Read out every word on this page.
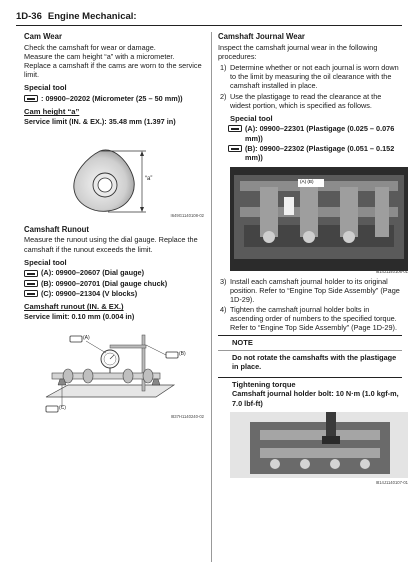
1D-36 Engine Mechanical:
Cam Wear
Check the camshaft for wear or damage.
Measure the cam height “a” with a micrometer.
Replace a camshaft if the cams are worn to the service limit.
Special tool
: 09900–20202 (Micrometer (25 – 50 mm))
Cam height “a”
Service limit (IN. & EX.): 35.48 mm (1.397 in)
“a”
I649G1140108-02
Camshaft Runout
Measure the runout using the dial gauge. Replace the camshaft if the runout exceeds the limit.
Special tool
(A): 09900–20607 (Dial gauge)
(B): 09900–20701 (Dial gauge chuck)
(C): 09900–21304 (V blocks)
Camshaft runout (IN. & EX.)
Service limit: 0.10 mm (0.004 in)
(A)
(B)
(C)
I837H1140240-02
Camshaft Journal Wear
Inspect the camshaft journal wear in the following procedures:
1) Determine whether or not each journal is worn down to the limit by measuring the oil clearance with the camshaft installed in place.
2) Use the plastigage to read the clearance at the widest portion, which is specified as follows.
Special tool
(A): 09900–22301 (Plastigage (0.025 – 0.076 mm))
(B): 09900–22302 (Plastigage (0.051 – 0.152 mm))
(A) (B)
I814J1140106-01
3) Install each camshaft journal holder to its original position. Refer to “Engine Top Side Assembly” (Page 1D-29).
4) Tighten the camshaft journal holder bolts in ascending order of numbers to the specified torque. Refer to “Engine Top Side Assembly” (Page 1D-29).
NOTE
Do not rotate the camshafts with the plastigage in place.
Tightening torque
Camshaft journal holder bolt: 10 N·m (1.0 kgf-m, 7.0 lbf-ft)
I814J1140107-01
